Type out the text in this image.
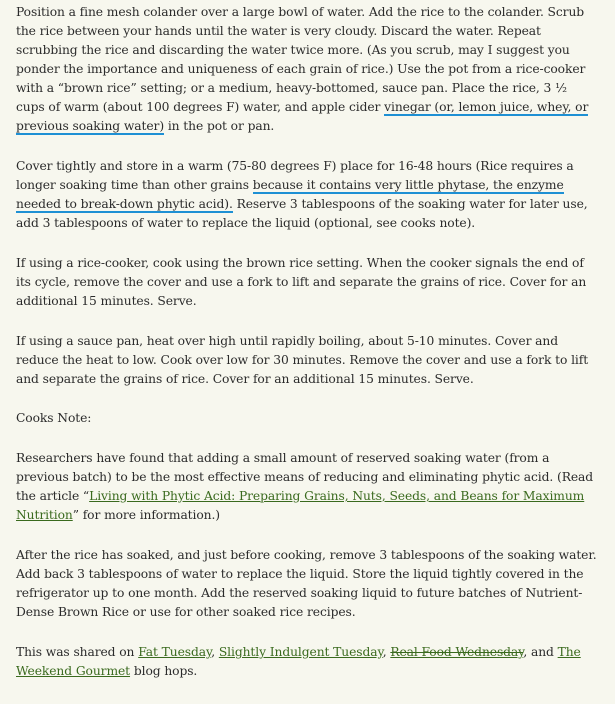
Position a fine mesh colander over a large bowl of water. Add the rice to the colander. Scrub the rice between your hands until the water is very cloudy. Discard the water. Repeat scrubbing the rice and discarding the water twice more. (As you scrub, may I suggest you ponder the importance and uniqueness of each grain of rice.) Use the pot from a rice-cooker with a “brown rice” setting; or a medium, heavy-bottomed, sauce pan. Place the rice, 3 ½ cups of warm (about 100 degrees F) water, and apple cider vinegar (or, lemon juice, whey, or previous soaking water) in the pot or pan.

Cover tightly and store in a warm (75-80 degrees F) place for 16-48 hours (Rice requires a longer soaking time than other grains because it contains very little phytase, the enzyme needed to break-down phytic acid). Reserve 3 tablespoons of the soaking water for later use, add 3 tablespoons of water to replace the liquid (optional, see cooks note).

If using a rice-cooker, cook using the brown rice setting. When the cooker signals the end of its cycle, remove the cover and use a fork to lift and separate the grains of rice. Cover for an additional 15 minutes. Serve.

If using a sauce pan, heat over high until rapidly boiling, about 5-10 minutes. Cover and reduce the heat to low. Cook over low for 30 minutes. Remove the cover and use a fork to lift and separate the grains of rice. Cover for an additional 15 minutes. Serve.

Cooks Note:

Researchers have found that adding a small amount of reserved soaking water (from a previous batch) to be the most effective means of reducing and eliminating phytic acid. (Read the article “Living with Phytic Acid: Preparing Grains, Nuts, Seeds, and Beans for Maximum Nutrition” for more information.)

After the rice has soaked, and just before cooking, remove 3 tablespoons of the soaking water. Add back 3 tablespoons of water to replace the liquid. Store the liquid tightly covered in the refrigerator up to one month. Add the reserved soaking liquid to future batches of Nutrient-Dense Brown Rice or use for other soaked rice recipes.

This was shared on Fat Tuesday, Slightly Indulgent Tuesday, Real Food Wednesday, and The Weekend Gourmet blog hops.
